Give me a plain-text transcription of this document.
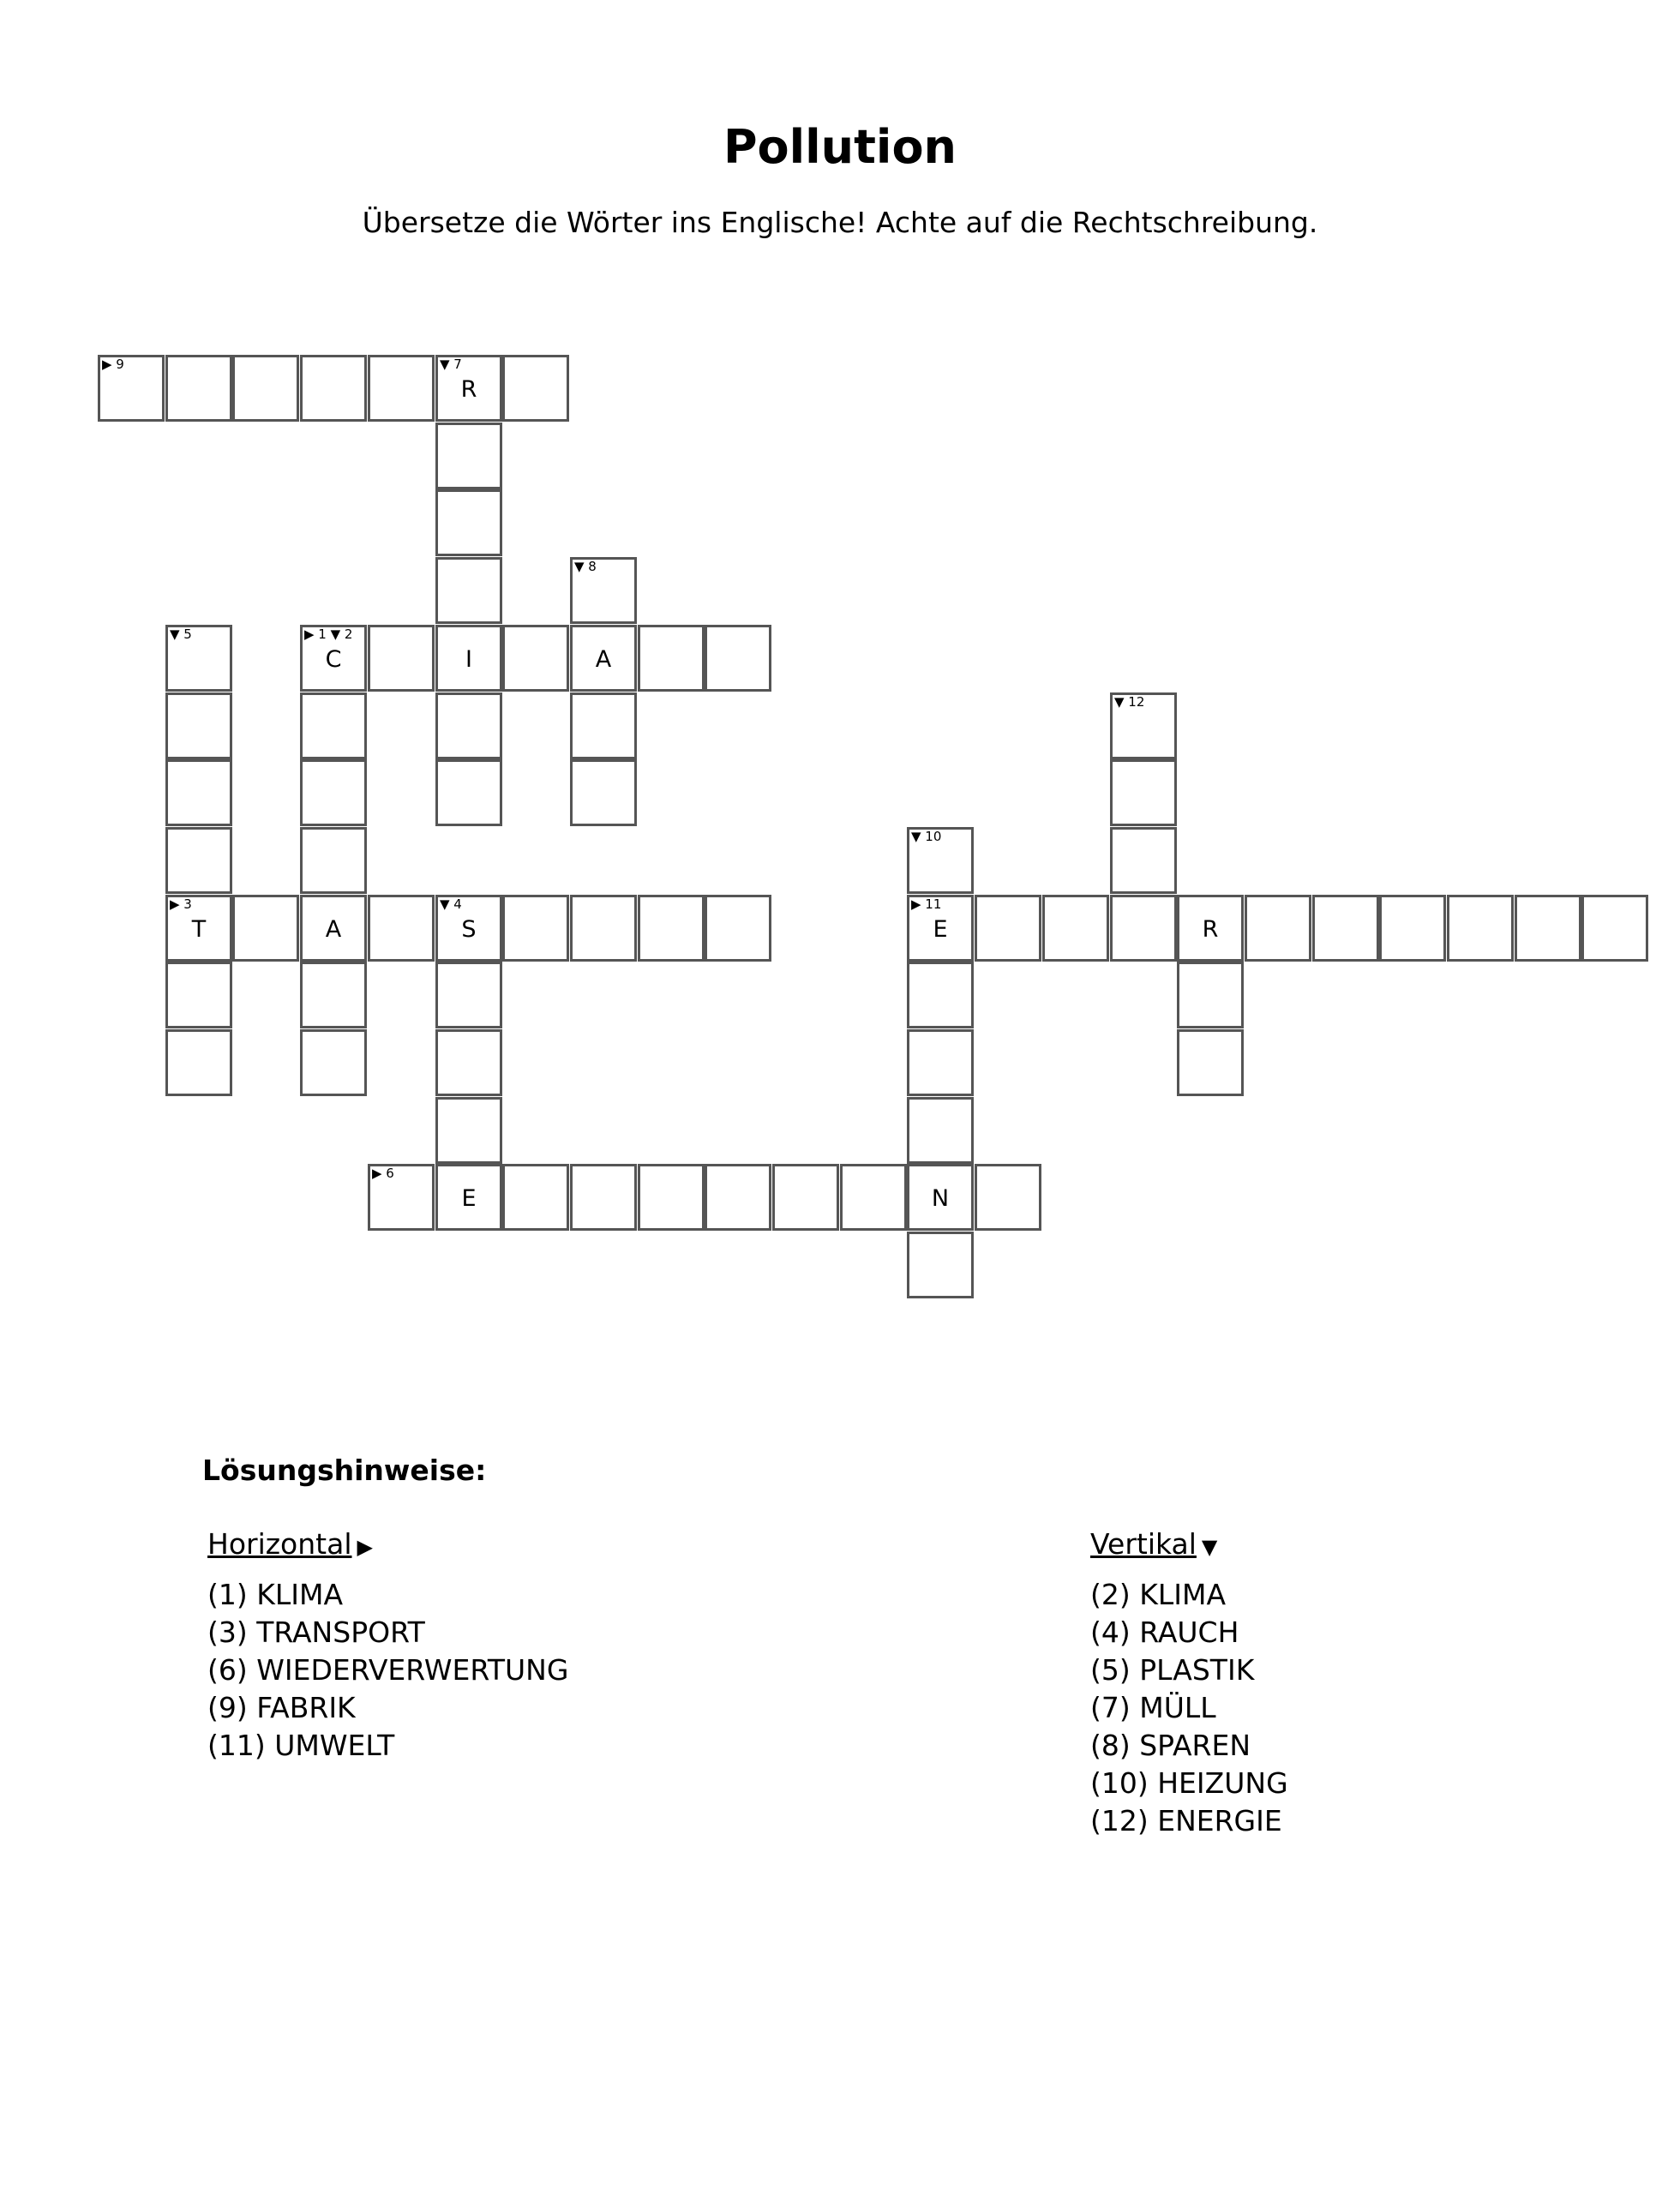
Pollution
Übersetze die Wörter ins Englische! Achte auf die Rechtschreibung.
▶ 9	▼ 7
R
▼ 8
▼ 5	▶ 1 ▼ 2
C	I	A
▼ 12
▼ 10
▶ 3
T	A
▼ 4
S
▶ 11
E	R
▶ 6
E	N
Lösungshinweise:
Horizontal ▶
(1) KLIMA
(3) TRANSPORT
(6) WIEDERVERWERTUNG
(9) FABRIK
(11) UMWELT
Vertikal ▼
(2) KLIMA
(4) RAUCH
(5) PLASTIK
(7) MÜLL
(8) SPAREN
(10) HEIZUNG
(12) ENERGIE
